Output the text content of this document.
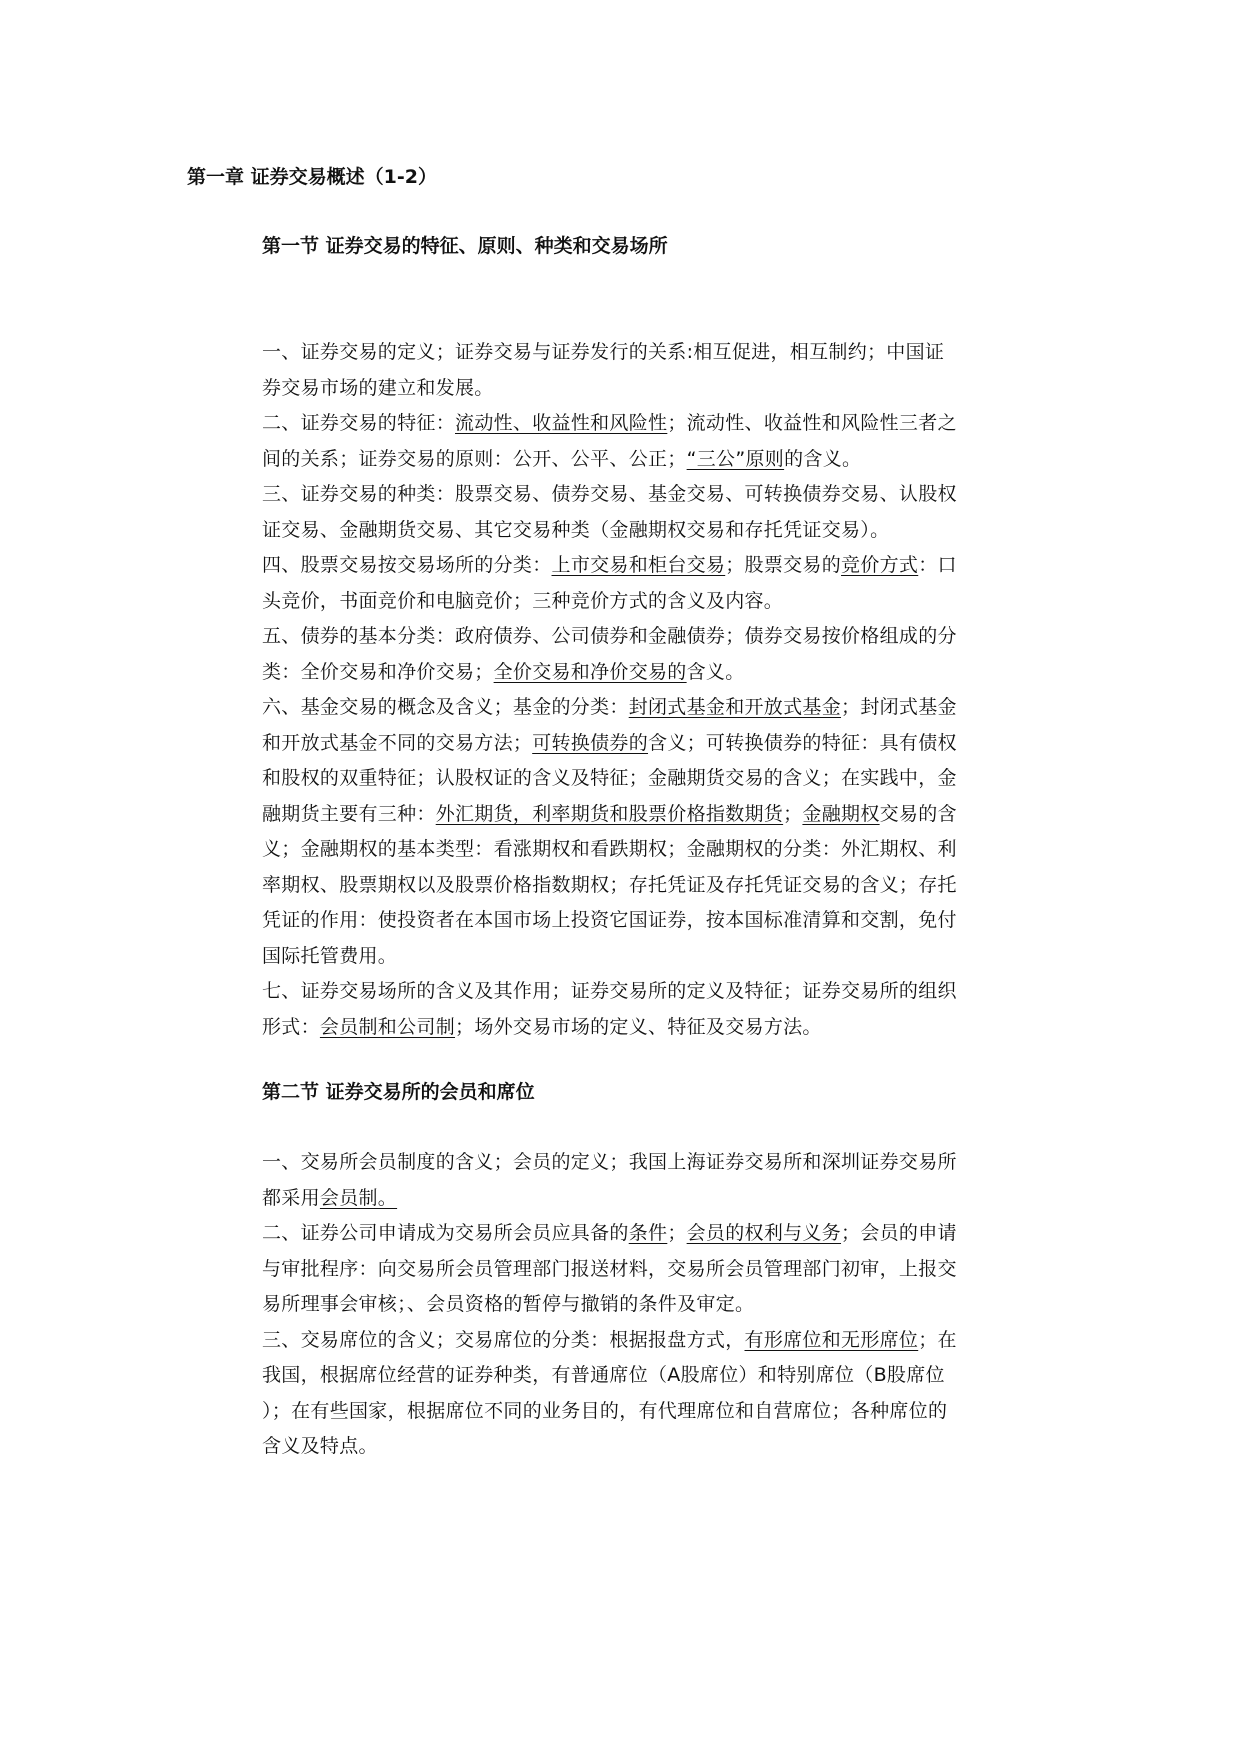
第一章 证券交易概述（1-2）
第一节 证券交易的特征、原则、种类和交易场所
一、证券交易的定义；证券交易与证券发行的关系:相互促进，相互制约；中国证
券交易市场的建立和发展。
二、证券交易的特征：流动性、收益性和风险性；流动性、收益性和风险性三者之
间的关系；证券交易的原则：公开、公平、公正；“三公”原则的含义。
三、证券交易的种类：股票交易、债券交易、基金交易、可转换债券交易、认股权
证交易、金融期货交易、其它交易种类（金融期权交易和存托凭证交易）。
四、股票交易按交易场所的分类：上市交易和柜台交易；股票交易的竞价方式：口
头竞价，书面竞价和电脑竞价；三种竞价方式的含义及内容。
五、债券的基本分类：政府债券、公司债券和金融债券；债券交易按价格组成的分
类：全价交易和净价交易；全价交易和净价交易的含义。
六、基金交易的概念及含义；基金的分类：封闭式基金和开放式基金；封闭式基金
和开放式基金不同的交易方法；可转换债券的含义；可转换债券的特征：具有债权
和股权的双重特征；认股权证的含义及特征；金融期货交易的含义；在实践中，金
融期货主要有三种：外汇期货，利率期货和股票价格指数期货；金融期权交易的含
义；金融期权的基本类型：看涨期权和看跌期权；金融期权的分类：外汇期权、利
率期权、股票期权以及股票价格指数期权；存托凭证及存托凭证交易的含义；存托
凭证的作用：使投资者在本国市场上投资它国证券，按本国标准清算和交割，免付
国际托管费用。
七、证券交易场所的含义及其作用；证券交易所的定义及特征；证券交易所的组织
形式：会员制和公司制；场外交易市场的定义、特征及交易方法。
第二节 证券交易所的会员和席位
一、交易所会员制度的含义；会员的定义；我国上海证券交易所和深圳证券交易所
都采用会员制。
二、证券公司申请成为交易所会员应具备的条件；会员的权利与义务；会员的申请
与审批程序：向交易所会员管理部门报送材料，交易所会员管理部门初审，上报交
易所理事会审核；、会员资格的暂停与撤销的条件及审定。
三、交易席位的含义；交易席位的分类：根据报盘方式，有形席位和无形席位；在
我国，根据席位经营的证券种类，有普通席位（A股席位）和特别席位（B股席位
）；在有些国家，根据席位不同的业务目的，有代理席位和自营席位；各种席位的
含义及特点。
